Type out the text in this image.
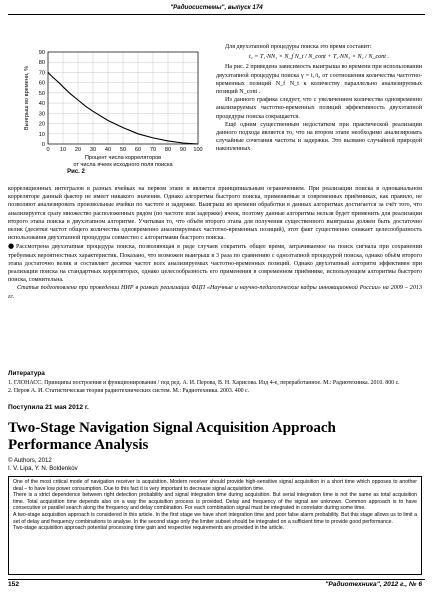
"Радиосистемы", выпуск 174
0
10
20
30
40
50
60
70
80
90
0 10 20 30 40 50 60 70 80 90 100
Выигрыш во времени, %
Процент числа корреляторов
от числа ячеек исходного поля поиска
Рис. 2

Для двухэтапной процедуры поиска это время составит:

t₂ = T₁·NN₁ × N_f N_t / N_cont + T₂·NN₂ × N₂ / N_cont .

На рис. 2 приведена зависимость выигрыша во времени при использовании двухэтапной процедуры поиска γ = t₁/t₂ от соотношения количества частотно-временных позиций N_f N_t к количеству параллельно анализируемых позиций N_cont .

Из данного графика следует, что с увеличением количества одновременно анализируемых частотно-временных позиций эффективность двухэтапной процедуры поиска сокращается.

Ещё одним существенным недостатком при практической реализации данного подхода является то, что на втором этапе необходимо анализировать случайные сочетания частоты и задержки. Это вызвано случайной природой накопленных

корреляционных интегралов в разных ячейках на первом этапе и является принципиальным ограничением. При реализации поиска в одноканальном корреляторе данный фактор не имеет никакого значения. Однако алгоритмы быстрого поиска, применяемые в современных приёмниках, как правило, не позволяют анализировать произвольные ячейки по частоте и задержке. Выигрыш во времени обработки в данных алгоритмах достигается за счёт того, что анализируется сразу множество расположенных рядом (по частоте или задержке) ячеек, поэтому данные алгоритмы нельзя будет применить для реализации второго этапа поиска в двухэтапном алгоритме. Учитывая то, что объём второго этапа для получения существенного выигрыша должен быть достаточно велик (десятки частот общего количества одновременно анализируемых частотно-временных позиций), этот факт существенно снижает целесообразность использования двухэтапной процедуры совместно с алгоритмами быстрого поиска.

● Рассмотрена двухэтапная процедура поиска, позволяющая в ряде случаев сократить общее время, затрачиваемое на поиск сигнала при сохранении требуемых вероятностных характеристик. Показано, что возможен выигрыш в 3 раза по сравнению с одноэтапной процедурой поиска, однако объём второго этапа достаточно велик и составляет десятки частот всех анализируемых частотно-временных позиций. Однако двухэтапный алгоритм эффективен при реализации поиска на стандартных корреляторах, однако целесообразность его применения в современном приёмнике, использующем алгоритмы быстрого поиска, сомнительна.

Статья подготовлена при проведении НИР в рамках реализации ФЦП «Научные и научно-педагогические кадры инновационной России» на 2009 – 2013 гг.

Литература
1. ГЛОНАСС. Принципы построения и функционирования / под ред. А. И. Перова, В. Н. Харисова. Изд 4-е, переработанное. М.: Радиотехника. 2010. 800 с.
2. Перов А. И. Статистическая теория радиотехнических систем. М.: Радиотехника. 2003. 400 с.
Поступила 21 мая 2012 г.
Two-Stage Navigation Signal Acquisition Approach Performance Analysis
© Authors, 2012
I. V. Lipa, Y. N. Boldenkov

One of the most critical mode of navigation receiver is acquisition. Modern receiver should provide high-sensitive signal acquisition in a short time which opposes to another deal – to have low power consumption. Due to this fact it is very important to decrease signal acquisition time.

There is a strict dependence between right detection probability and signal integration time during acquisition. But serial integration time is not the same as total acquisition time. Total acquisition time depends also on a way the acquisition process is provided. Delay and frequency of the signal are unknown. Common approach is to have consecutive or parallel search along the frequency and delay combination. For each combination signal must be integrated in correlator during some time.

A two-stage acquisition approach is considered in this article. In the first stage we have short integration time and poor false alarm probability. But this stage allows us to limit a set of delay and frequency combinations to analyse. In the second stage only the limiter subset should be integrated on a sufficient time to provide good performance.

Two-stage acquisition approach potential processing time gain and respective requirements are provided in the article.

152	"Радиотехника", 2012 г., № 6
